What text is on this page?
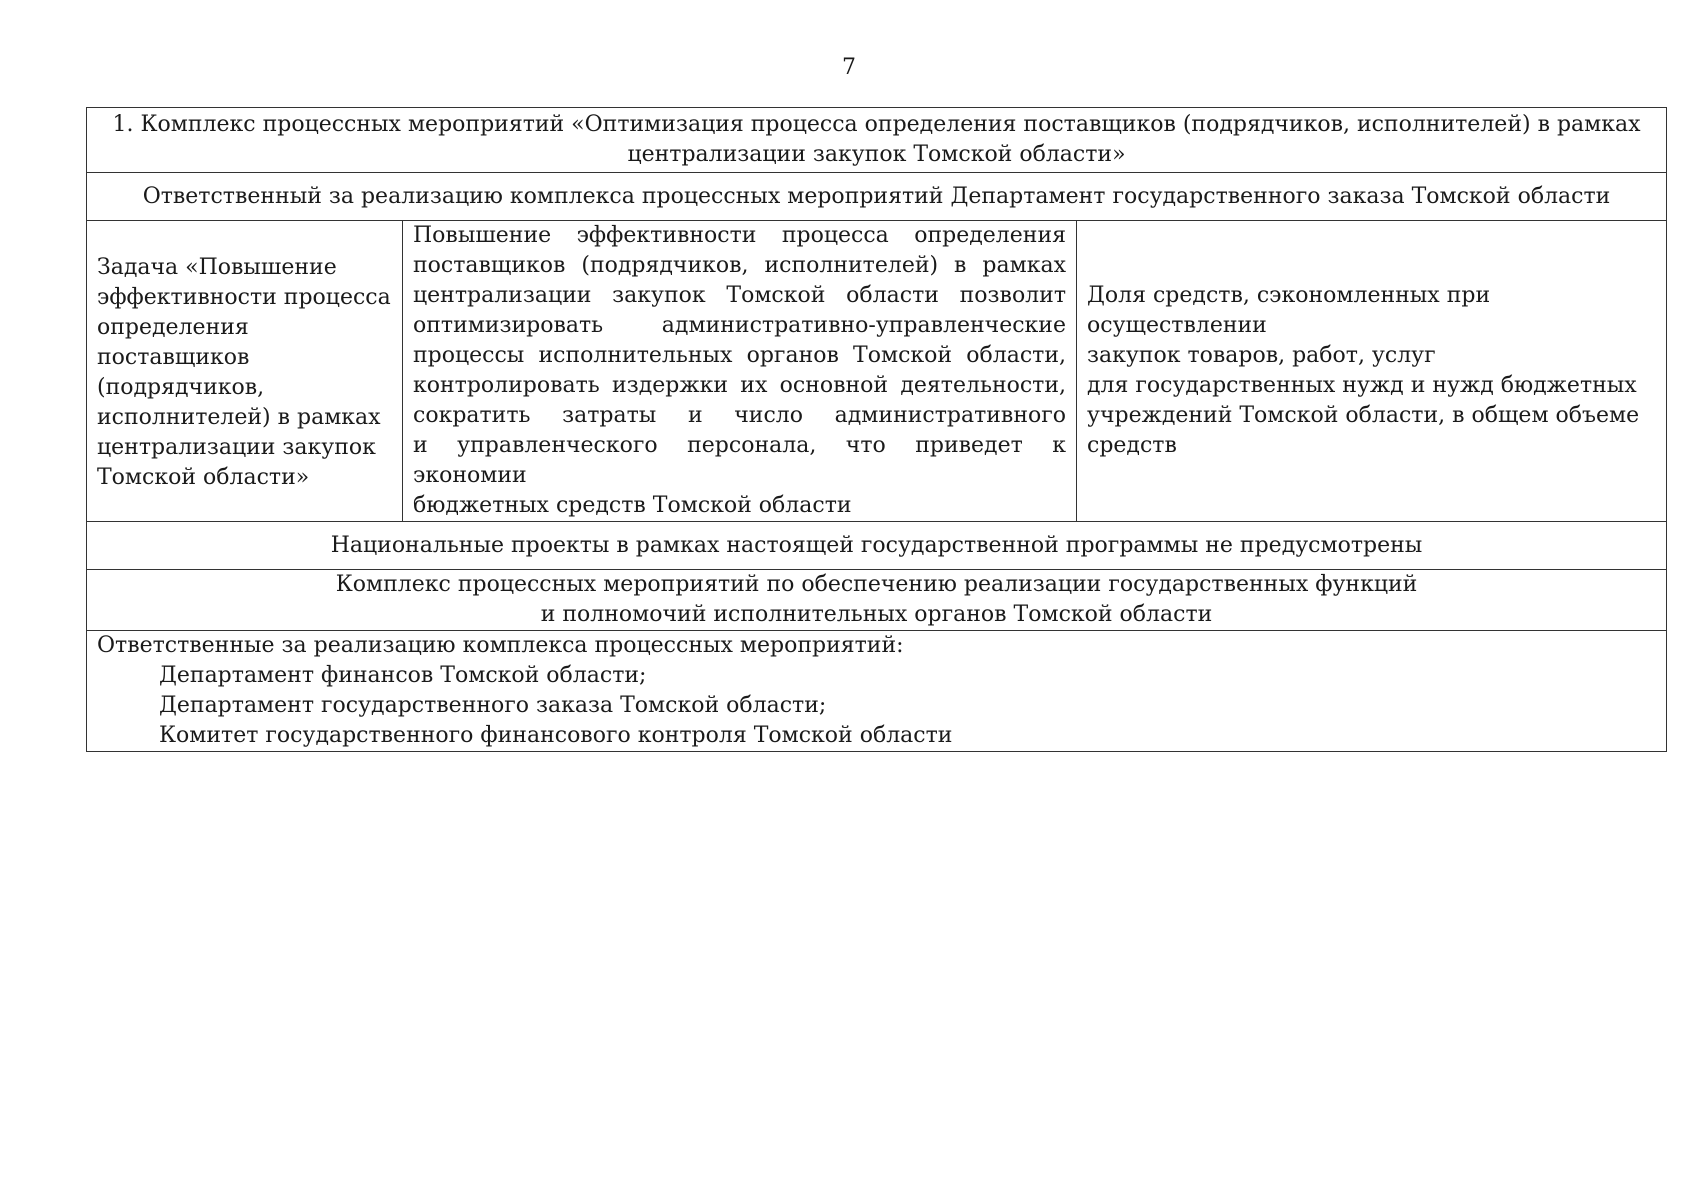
7
1. Комплекс процессных мероприятий «Оптимизация процесса определения поставщиков (подрядчиков, исполнителей) в рамках
централизации закупок Томской области»

Ответственный за реализацию комплекса процессных мероприятий Департамент государственного заказа Томской области
Задача «Повышение эффективности процесса определения поставщиков (подрядчиков, исполнителей) в рамках централизации закупок Томской области»	
Повышение эффективности процесса определения
поставщиков (подрядчиков, исполнителей) в рамках
централизации закупок Томской области позволит
оптимизировать административно-управленческие
процессы исполнительных органов Томской области,
контролировать издержки их основной деятельности,
сократить затраты и число административного
и управленческого персонала, что приведет к экономии
бюджетных средств Томской области

Доля средств, сэкономленных при осуществлении
закупок товаров, работ, услуг
для государственных нужд и нужд бюджетных
учреждений Томской области, в общем объеме
средств

Национальные проекты в рамках настоящей государственной программы не предусмотрены

Комплекс процессных мероприятий по обеспечению реализации государственных функций
и полномочий исполнительных органов Томской области

Ответственные за реализацию комплекса процессных мероприятий:
Департамент финансов Томской области;
Департамент государственного заказа Томской области;
Комитет государственного финансового контроля Томской области
